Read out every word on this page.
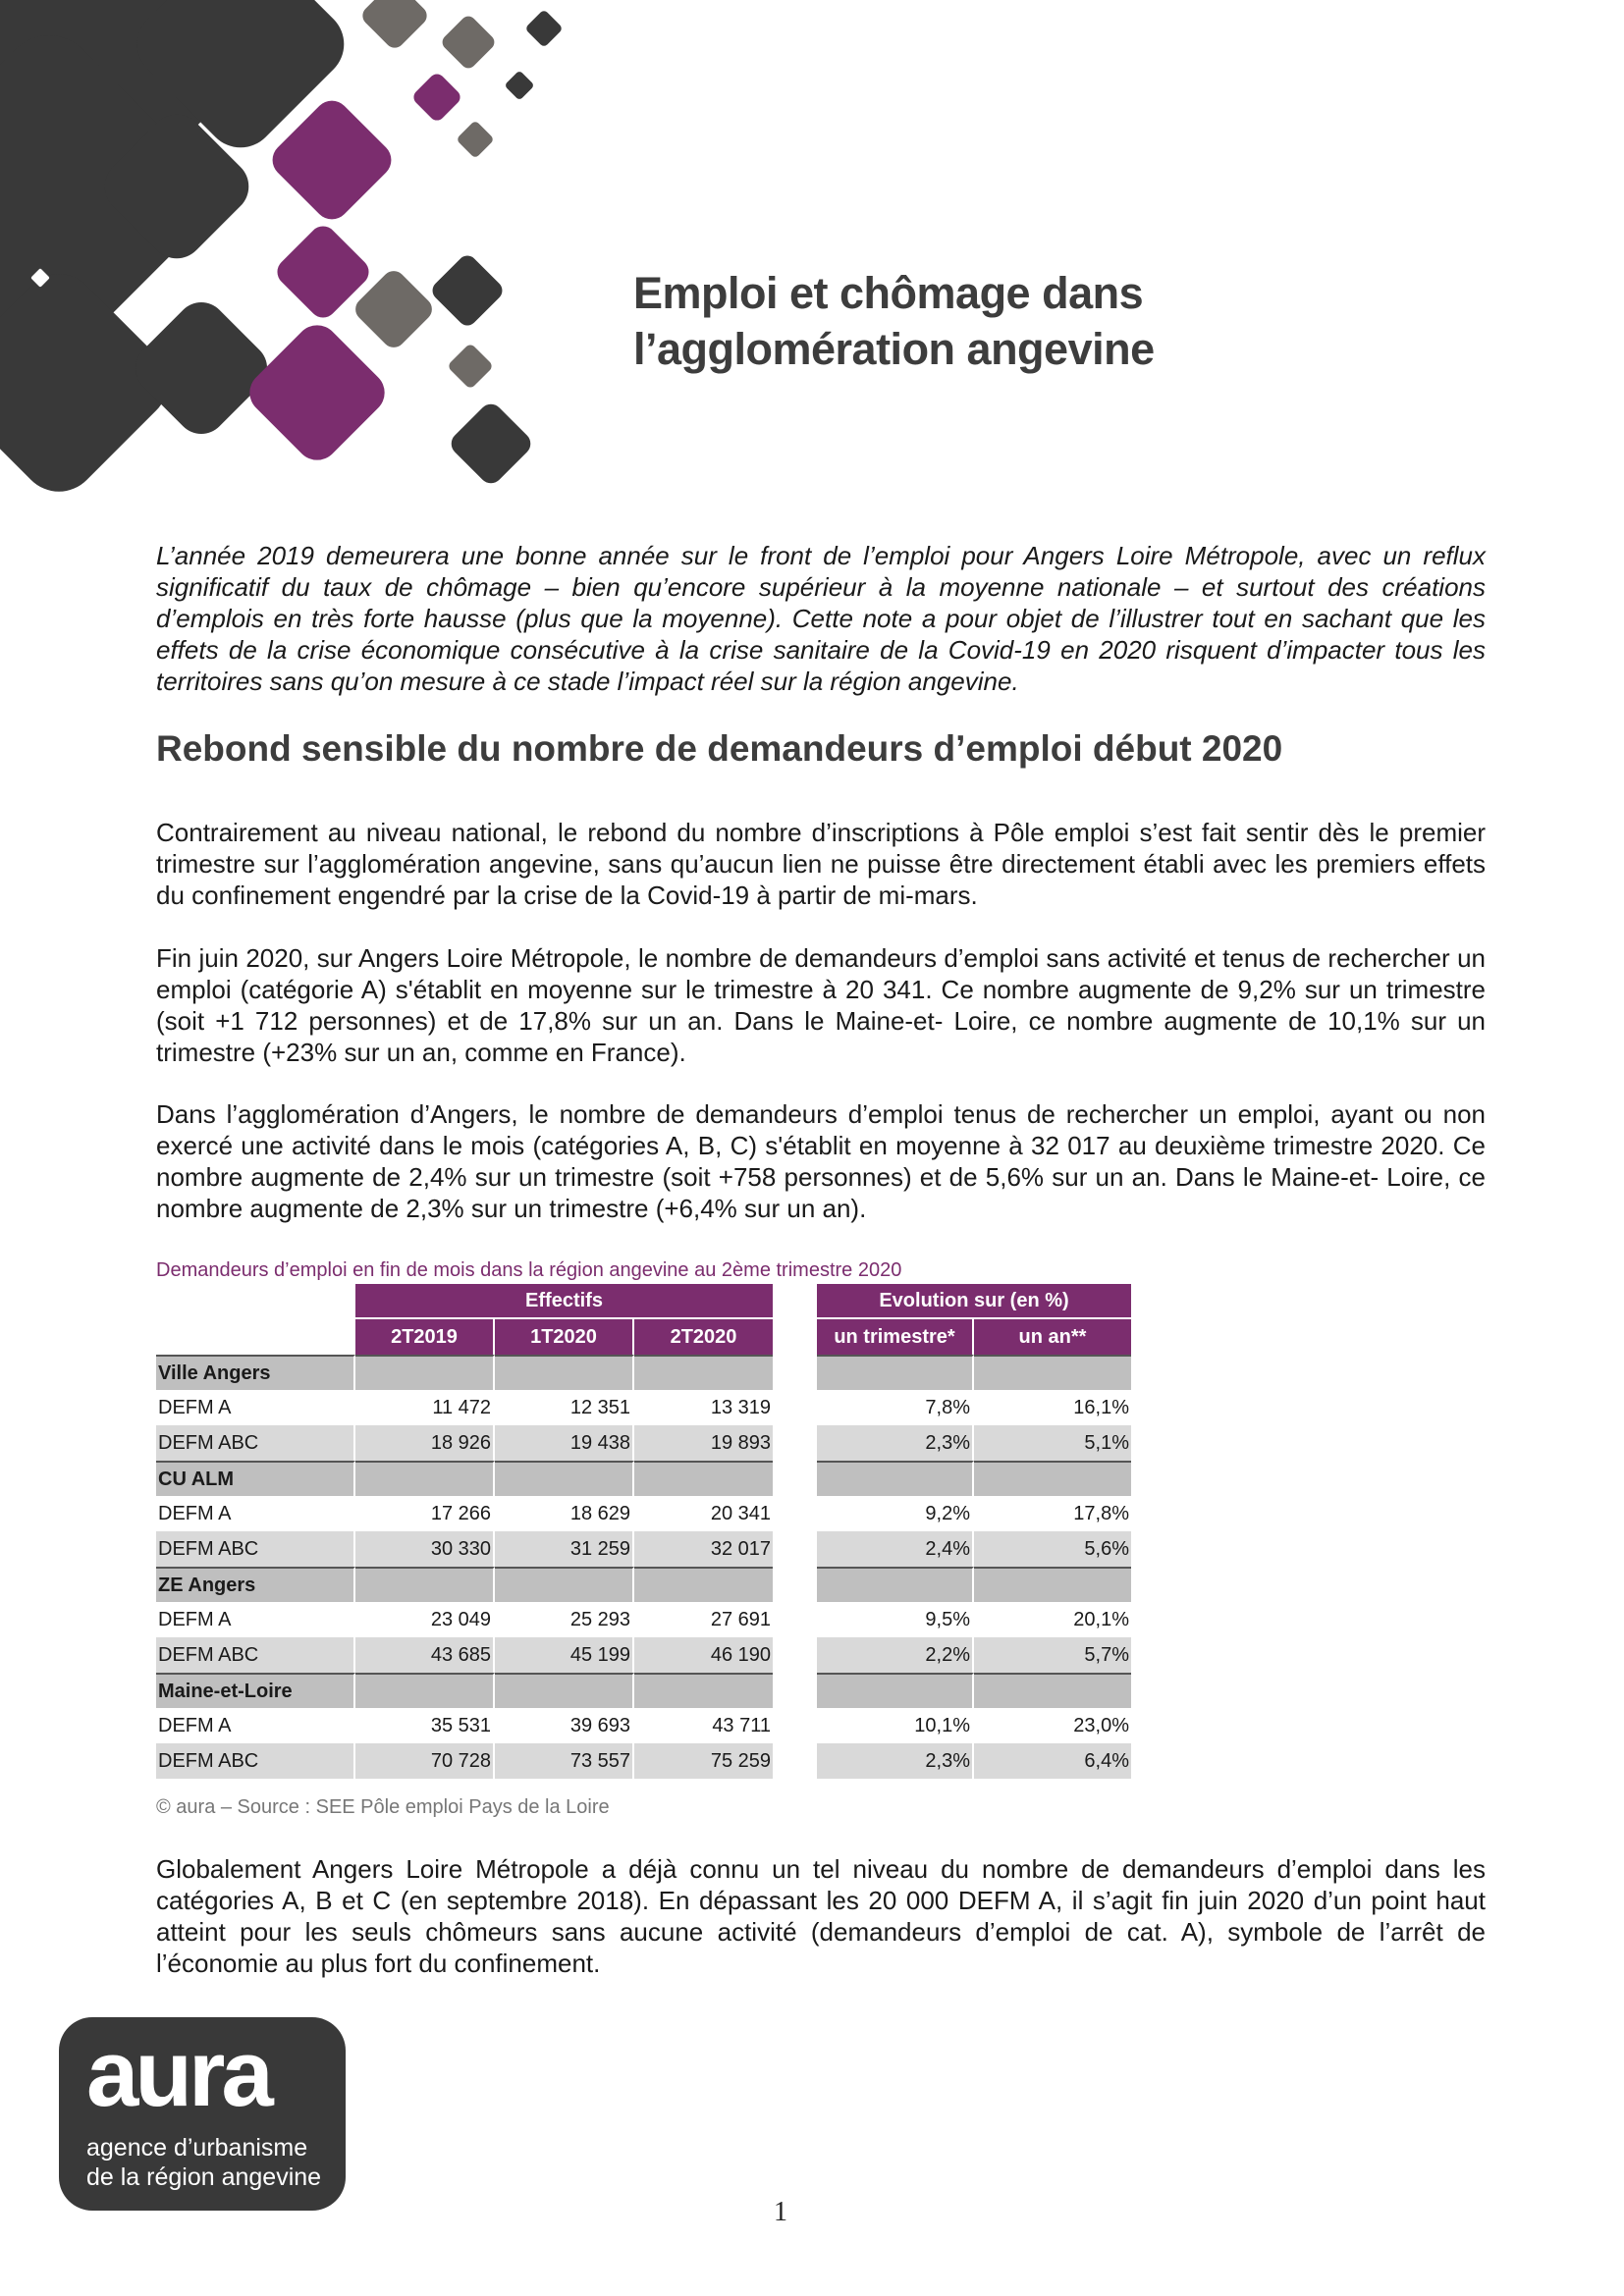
Emploi et chômage dans
l’agglomération angevine

L’année 2019 demeurera une bonne année sur le front de l’emploi pour Angers Loire Métropole, avec un reflux significatif du taux de chômage – bien qu’encore supérieur à la moyenne nationale – et surtout des créations d’emplois en très forte hausse (plus que la moyenne). Cette note a pour objet de l’illustrer tout en sachant que les effets de la crise économique consécutive à la crise sanitaire de la Covid-19 en 2020 risquent d’impacter tous les territoires sans qu’on mesure à ce stade l’impact réel sur la région angevine.

Rebond sensible du nombre de demandeurs d’emploi début 2020

Contrairement au niveau national, le rebond du nombre d’inscriptions à Pôle emploi s’est fait sentir dès le premier trimestre sur l’agglomération angevine, sans qu’aucun lien ne puisse être directement établi avec les premiers effets du confinement engendré par la crise de la Covid-19 à partir de mi-mars.

Fin juin 2020, sur Angers Loire Métropole, le nombre de demandeurs d’emploi sans activité et tenus de rechercher un emploi (catégorie A) s'établit en moyenne sur le trimestre à 20 341. Ce nombre augmente de 9,2% sur un trimestre (soit +1 712 personnes) et de 17,8% sur un an. Dans le Maine-et- Loire, ce nombre augmente de 10,1% sur un trimestre (+23% sur un an, comme en France).

Dans l’agglomération d’Angers, le nombre de demandeurs d’emploi tenus de rechercher un emploi, ayant ou non exercé une activité dans le mois (catégories A, B, C) s'établit en moyenne à 32 017 au deuxième trimestre 2020. Ce nombre augmente de 2,4% sur un trimestre (soit +758 personnes) et de 5,6% sur un an. Dans le Maine-et- Loire, ce nombre augmente de 2,3% sur un trimestre (+6,4% sur un an).

Demandeurs d’emploi en fin de mois dans la région angevine au 2ème trimestre 2020
	Effectifs				Evolution sur (en %)	
	2T2019	1T2020	2T2020		un trimestre*	un an**
Ville Angers						
DEFM A	11 472	12 351	13 319		7,8%	16,1%
DEFM ABC	18 926	19 438	19 893		2,3%	5,1%
CU ALM						
DEFM A	17 266	18 629	20 341		9,2%	17,8%
DEFM ABC	30 330	31 259	32 017		2,4%	5,6%
ZE Angers						
DEFM A	23 049	25 293	27 691		9,5%	20,1%
DEFM ABC	43 685	45 199	46 190		2,2%	5,7%
Maine-et-Loire						
DEFM A	35 531	39 693	43 711		10,1%	23,0%
DEFM ABC	70 728	73 557	75 259		2,3%	6,4%
© aura – Source : SEE Pôle emploi Pays de la Loire

Globalement Angers Loire Métropole a déjà connu un tel niveau du nombre de demandeurs d’emploi dans les catégories A, B et C (en septembre 2018). En dépassant les 20 000 DEFM A, il s’agit fin juin 2020 d’un point haut atteint pour les seuls chômeurs sans aucune activité (demandeurs d’emploi de cat. A), symbole de l’arrêt de l’économie au plus fort du confinement.

aura
agence d’urbanisme
de la région angevine
1
